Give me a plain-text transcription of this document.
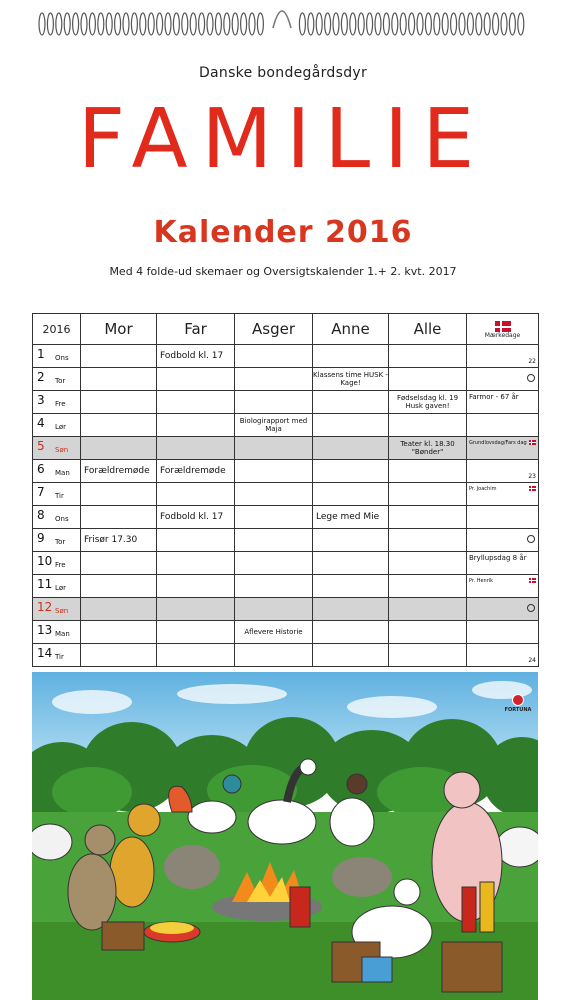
Danske bondegårdsdyr
FAMILIE
Kalender 2016
Med 4 folde-ud skemaer og Oversigtskalender 1.+ 2. kvt. 2017
2016	Mor	Far	Asger	Anne	Alle	Mærkedage

1 Ons		Fodbold kl. 17				22

2 Tor				Klassens time HUSK - Kage!		

3 Fre					Fødselsdag kl. 19 Husk gaven!	Farmor - 67 år

4 Lør			Biologirapport med Maja			

5 Søn					Teater kl. 18.30 "Bønder"	Grundlovsdag/Fars dag

6 Man	Forældremøde	Forældremøde				23

7 Tir						Pr. Joachim

8 Ons		Fodbold kl. 17		Lege med Mie		

9 Tor	Frisør 17.30					

10 Fre						Bryllupsdag 8 år

11 Lør						Pr. Henrik

12 Søn						

13 Man			Aflevere Historie			

14 Tir						24
FORTUNA
